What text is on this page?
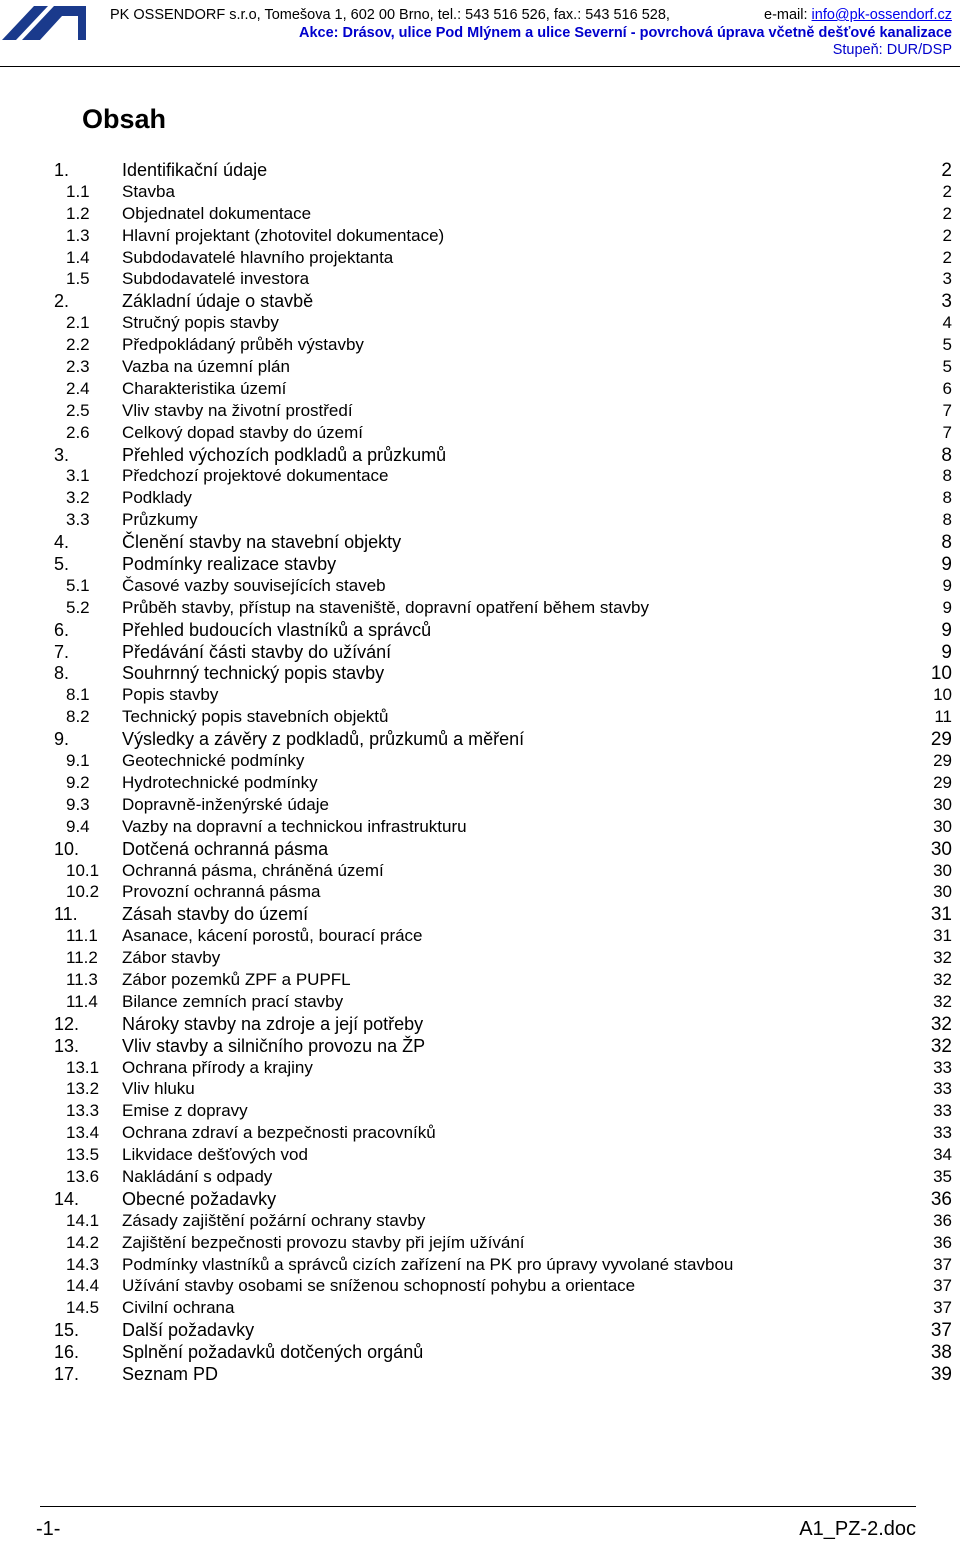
PK OSSENDORF s.r.o, Tomešova 1, 602 00 Brno, tel.: 543 516 526, fax.: 543 516 528,	e-mail: info@pk-ossendorf.cz
Akce: Drásov, ulice Pod Mlýnem a ulice Severní - povrchová úprava včetně dešťové kanalizace
Stupeň: DUR/DSP
Obsah
1.	Identifikační údaje	2
1.1 Stavba	2
1.2 Objednatel dokumentace	2
1.3 Hlavní projektant (zhotovitel dokumentace)	2
1.4 Subdodavatelé hlavního projektanta	2
1.5 Subdodavatelé investora	3
2.	Základní údaje o stavbě	3
2.1 Stručný popis stavby	4
2.2 Předpokládaný průběh výstavby	5
2.3 Vazba na územní plán	5
2.4 Charakteristika území	6
2.5 Vliv stavby na životní prostředí	7
2.6 Celkový dopad stavby do území	7
3.	Přehled výchozích podkladů a průzkumů	8
3.1 Předchozí projektové dokumentace	8
3.2 Podklady	8
3.3 Průzkumy	8
4.	Členění stavby na stavební objekty	8
5.	Podmínky realizace stavby	9
5.1 Časové vazby souvisejících staveb	9
5.2 Průběh stavby, přístup na staveniště, dopravní opatření během stavby	9
6.	Přehled budoucích vlastníků a správců	9
7.	Předávání části stavby do užívání	9
8.	Souhrnný technický popis stavby	10
8.1 Popis stavby	10
8.2 Technický popis stavebních objektů	11
9.	Výsledky a závěry z podkladů, průzkumů a měření	29
9.1 Geotechnické podmínky	29
9.2 Hydrotechnické podmínky	29
9.3 Dopravně-inženýrské údaje	30
9.4 Vazby na dopravní a technickou infrastrukturu	30
10. Dotčená ochranná pásma	30
10.1 Ochranná pásma, chráněná území	30
10.2 Provozní ochranná pásma	30
11. Zásah stavby do území	31
11.1 Asanace, kácení porostů, bourací práce	31
11.2 Zábor stavby	32
11.3 Zábor pozemků ZPF a PUPFL	32
11.4 Bilance zemních prací stavby	32
12. Nároky stavby na zdroje a její potřeby	32
13. Vliv stavby a silničního provozu na ŽP	32
13.1 Ochrana přírody a krajiny	33
13.2 Vliv hluku	33
13.3 Emise z dopravy	33
13.4 Ochrana zdraví a bezpečnosti pracovníků	33
13.5 Likvidace dešťových vod	34
13.6 Nakládání s odpady	35
14. Obecné požadavky	36
14.1 Zásady zajištění požární ochrany stavby	36
14.2 Zajištění bezpečnosti provozu stavby při jejím užívání	36
14.3 Podmínky vlastníků a správců cizích zařízení na PK pro úpravy vyvolané stavbou	37
14.4 Užívání stavby osobami se sníženou schopností pohybu a orientace	37
14.5 Civilní ochrana	37
15. Další požadavky	37
16. Splnění požadavků dotčených orgánů	38
17. Seznam PD	39
-1-	A1_PZ-2.doc
